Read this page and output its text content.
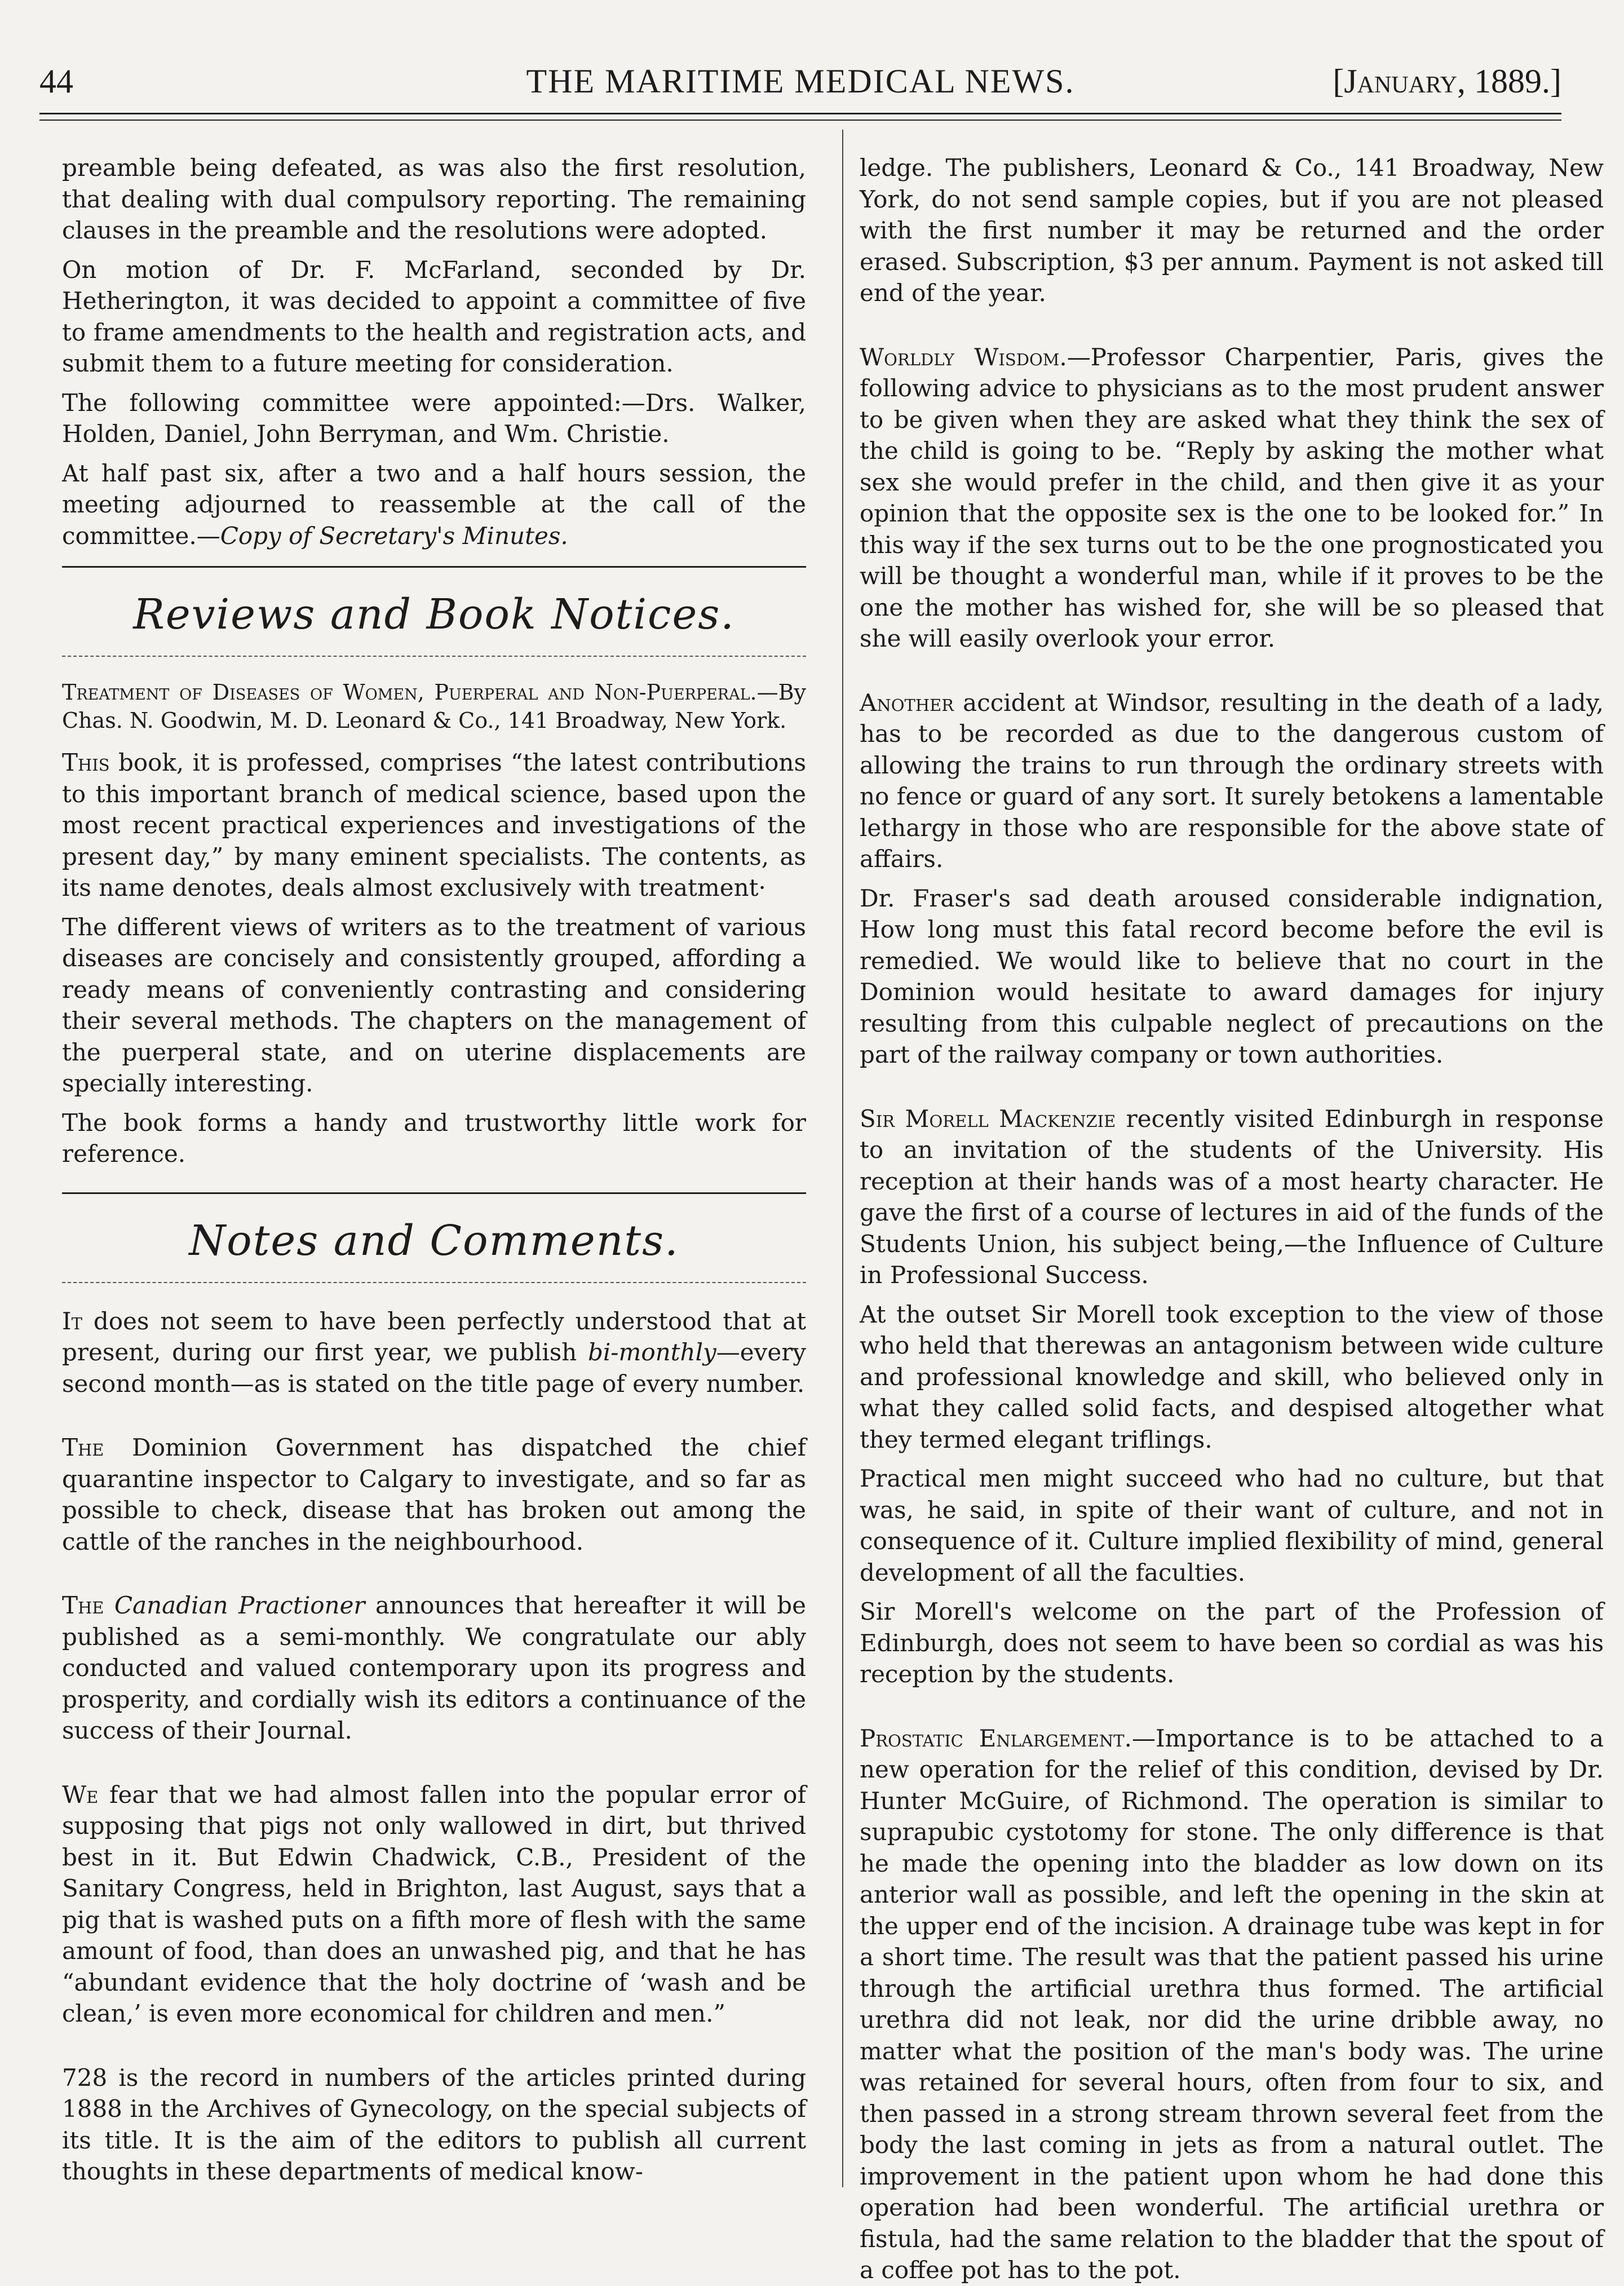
44	THE MARITIME MEDICAL NEWS.	[January, 1889.]

preamble being defeated, as was also the first resolution, that dealing with dual compulsory reporting. The remaining clauses in the preamble and the resolutions were adopted.

On motion of Dr. F. McFarland, seconded by Dr. Hetherington, it was decided to appoint a committee of five to frame amendments to the health and registration acts, and submit them to a future meeting for consideration.

The following committee were appointed:—Drs. Walker, Holden, Daniel, John Berryman, and Wm. Christie.

At half past six, after a two and a half hours session, the meeting adjourned to reassemble at the call of the committee.—Copy of Secretary's Minutes.

Reviews and Book Notices.

Treatment of Diseases of Women, Puerperal and Non-Puerperal.—By Chas. N. Goodwin, M. D. Leonard & Co., 141 Broadway, New York.

This book, it is professed, comprises “the latest contributions to this important branch of medical science, based upon the most recent practical experiences and investigations of the present day,” by many eminent specialists. The contents, as its name denotes, deals almost exclusively with treatment·

The different views of writers as to the treatment of various diseases are concisely and consistently grouped, affording a ready means of conveniently contrasting and considering their several methods. The chapters on the management of the puerperal state, and on uterine displacements are specially interesting.

The book forms a handy and trustworthy little work for reference.

Notes and Comments.

It does not seem to have been perfectly understood that at present, during our first year, we publish bi-monthly—every second month—as is stated on the title page of every number.

The Dominion Government has dispatched the chief quarantine inspector to Calgary to investigate, and so far as possible to check, disease that has broken out among the cattle of the ranches in the neighbourhood.

The Canadian Practioner announces that hereafter it will be published as a semi-monthly. We congratulate our ably conducted and valued contemporary upon its progress and prosperity, and cordially wish its editors a continuance of the success of their Journal.

We fear that we had almost fallen into the popular error of supposing that pigs not only wallowed in dirt, but thrived best in it. But Edwin Chadwick, C.B., President of the Sanitary Congress, held in Brighton, last August, says that a pig that is washed puts on a fifth more of flesh with the same amount of food, than does an unwashed pig, and that he has “abundant evidence that the holy doctrine of ‘wash and be clean,’ is even more economical for children and men.”

728 is the record in numbers of the articles printed during 1888 in the Archives of Gynecology, on the special subjects of its title. It is the aim of the editors to publish all current thoughts in these departments of medical know-

ledge. The publishers, Leonard & Co., 141 Broadway, New York, do not send sample copies, but if you are not pleased with the first number it may be returned and the order erased. Subscription, $3 per annum. Payment is not asked till end of the year.

Worldly Wisdom.—Professor Charpentier, Paris, gives the following advice to physicians as to the most prudent answer to be given when they are asked what they think the sex of the child is going to be. “Reply by asking the mother what sex she would prefer in the child, and then give it as your opinion that the opposite sex is the one to be looked for.” In this way if the sex turns out to be the one prognosticated you will be thought a wonderful man, while if it proves to be the one the mother has wished for, she will be so pleased that she will easily overlook your error.

Another accident at Windsor, resulting in the death of a lady, has to be recorded as due to the dangerous custom of allowing the trains to run through the ordinary streets with no fence or guard of any sort. It surely betokens a lamentable lethargy in those who are responsible for the above state of affairs.

Dr. Fraser's sad death aroused considerable indignation, How long must this fatal record become before the evil is remedied. We would like to believe that no court in the Dominion would hesitate to award damages for injury resulting from this culpable neglect of precautions on the part of the railway company or town authorities.

Sir Morell Mackenzie recently visited Edinburgh in response to an invitation of the students of the University. His reception at their hands was of a most hearty character. He gave the first of a course of lectures in aid of the funds of the Students Union, his subject being,—the Influence of Culture in Professional Success.

At the outset Sir Morell took exception to the view of those who held that therewas an antagonism between wide culture and professional knowledge and skill, who believed only in what they called solid facts, and despised altogether what they termed elegant triflings.

Practical men might succeed who had no culture, but that was, he said, in spite of their want of culture, and not in consequence of it. Culture implied flexibility of mind, general development of all the faculties.

Sir Morell's welcome on the part of the Profession of Edinburgh, does not seem to have been so cordial as was his reception by the students.

Prostatic Enlargement.—Importance is to be attached to a new operation for the relief of this condition, devised by Dr. Hunter McGuire, of Richmond. The operation is similar to suprapubic cystotomy for stone. The only difference is that he made the opening into the bladder as low down on its anterior wall as possible, and left the opening in the skin at the upper end of the incision. A drainage tube was kept in for a short time. The result was that the patient passed his urine through the artificial urethra thus formed. The artificial urethra did not leak, nor did the urine dribble away, no matter what the position of the man's body was. The urine was retained for several hours, often from four to six, and then passed in a strong stream thrown several feet from the body the last coming in jets as from a natural outlet. The improvement in the patient upon whom he had done this operation had been wonderful. The artificial urethra or fistula, had the same relation to the bladder that the spout of a coffee pot has to the pot.
